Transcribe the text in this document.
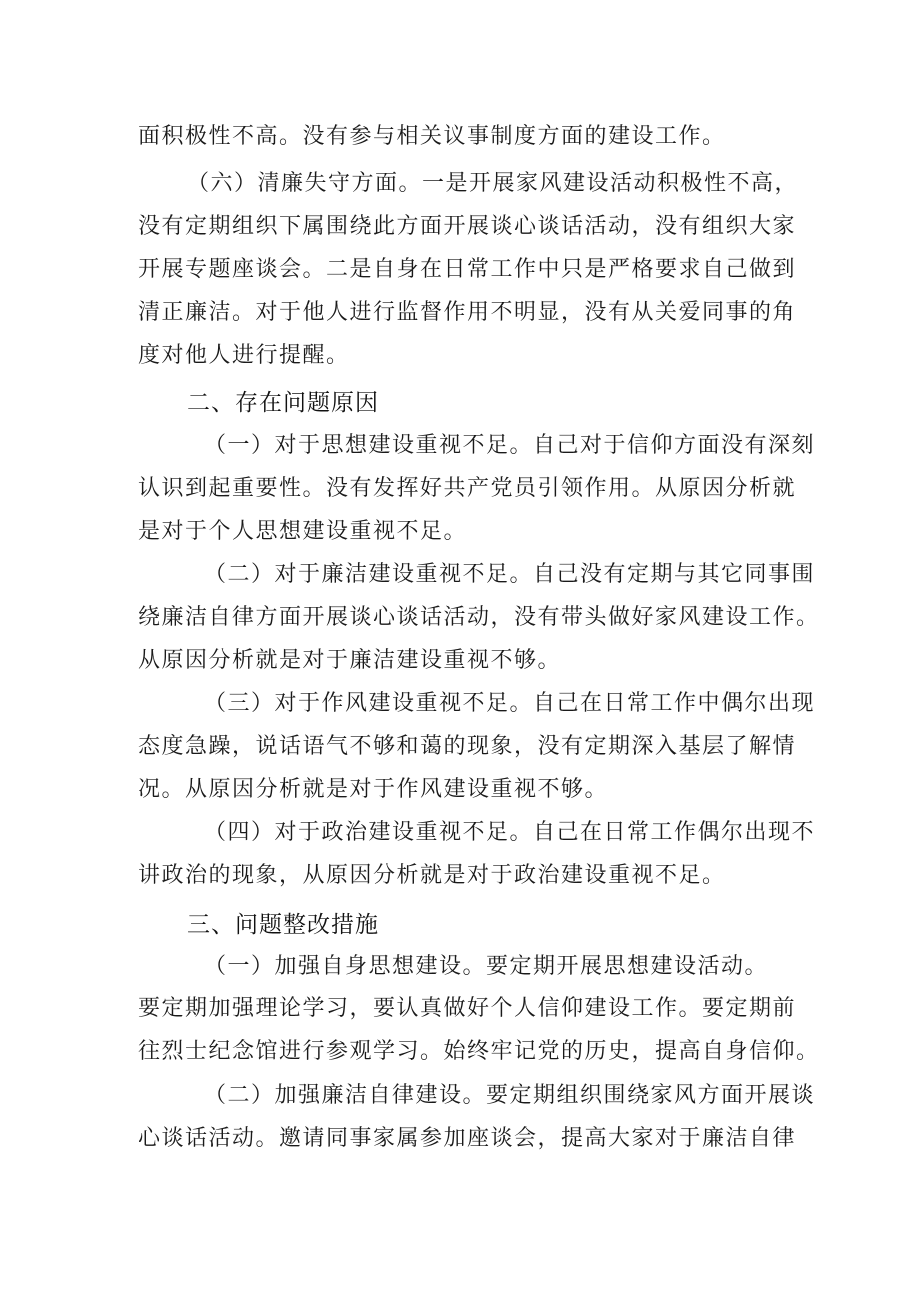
面积极性不高。没有参与相关议事制度方面的建设工作。
（六）清廉失守方面。一是开展家风建设活动积极性不高，
没有定期组织下属围绕此方面开展谈心谈话活动，没有组织大家
开展专题座谈会。二是自身在日常工作中只是严格要求自己做到
清正廉洁。对于他人进行监督作用不明显，没有从关爱同事的角
度对他人进行提醒。
二、存在问题原因
（一）对于思想建设重视不足。自己对于信仰方面没有深刻
认识到起重要性。没有发挥好共产党员引领作用。从原因分析就
是对于个人思想建设重视不足。
（二）对于廉洁建设重视不足。自己没有定期与其它同事围
绕廉洁自律方面开展谈心谈话活动，没有带头做好家风建设工作。
从原因分析就是对于廉洁建设重视不够。
（三）对于作风建设重视不足。自己在日常工作中偶尔出现
态度急躁，说话语气不够和蔼的现象，没有定期深入基层了解情
况。从原因分析就是对于作风建设重视不够。
（四）对于政治建设重视不足。自己在日常工作偶尔出现不
讲政治的现象，从原因分析就是对于政治建设重视不足。
三、问题整改措施
（一）加强自身思想建设。要定期开展思想建设活动。
要定期加强理论学习，要认真做好个人信仰建设工作。要定期前
往烈士纪念馆进行参观学习。始终牢记党的历史，提高自身信仰。
（二）加强廉洁自律建设。要定期组织围绕家风方面开展谈
心谈话活动。邀请同事家属参加座谈会，提高大家对于廉洁自律
